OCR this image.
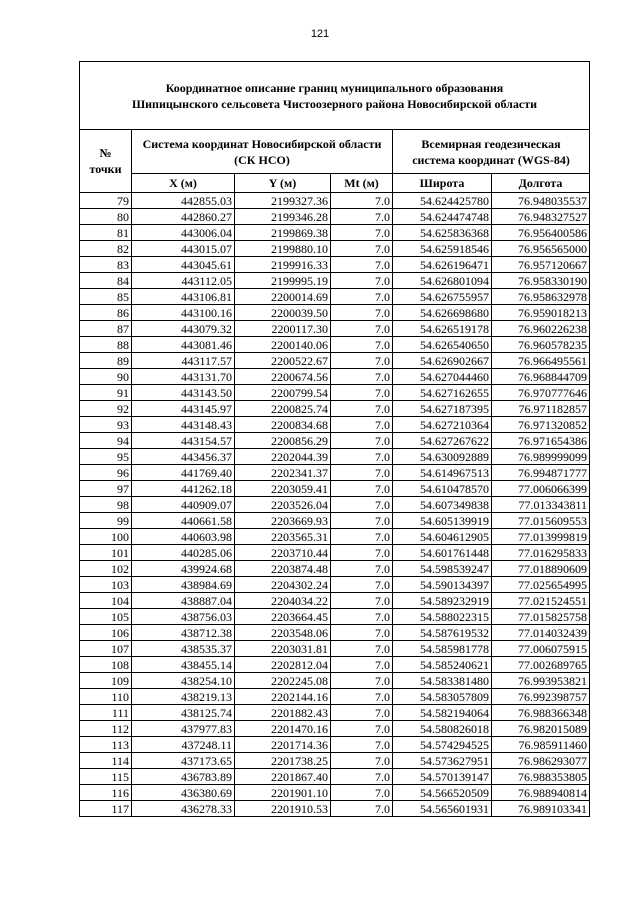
121
Координатное описание границ муниципального образования
Шипицынского сельсовета Чистоозерного района Новосибирской области					

№ точки	Система координат Новосибирской области (СК НСО)			Всемирная геодезическая система координат (WGS-84)	
	X (м)	Y (м)	Mt (м)	Широта	Долгота
79	442855.03	2199327.36	7.0	54.624425780	76.948035537
80	442860.27	2199346.28	7.0	54.624474748	76.948327527
81	443006.04	2199869.38	7.0	54.625836368	76.956400586
82	443015.07	2199880.10	7.0	54.625918546	76.956565000
83	443045.61	2199916.33	7.0	54.626196471	76.957120667
84	443112.05	2199995.19	7.0	54.626801094	76.958330190
85	443106.81	2200014.69	7.0	54.626755957	76.958632978
86	443100.16	2200039.50	7.0	54.626698680	76.959018213
87	443079.32	2200117.30	7.0	54.626519178	76.960226238
88	443081.46	2200140.06	7.0	54.626540650	76.960578235
89	443117.57	2200522.67	7.0	54.626902667	76.966495561
90	443131.70	2200674.56	7.0	54.627044460	76.968844709
91	443143.50	2200799.54	7.0	54.627162655	76.970777646
92	443145.97	2200825.74	7.0	54.627187395	76.971182857
93	443148.43	2200834.68	7.0	54.627210364	76.971320852
94	443154.57	2200856.29	7.0	54.627267622	76.971654386
95	443456.37	2202044.39	7.0	54.630092889	76.989999099
96	441769.40	2202341.37	7.0	54.614967513	76.994871777
97	441262.18	2203059.41	7.0	54.610478570	77.006066399
98	440909.07	2203526.04	7.0	54.607349838	77.013343811
99	440661.58	2203669.93	7.0	54.605139919	77.015609553
100	440603.98	2203565.31	7.0	54.604612905	77.013999819
101	440285.06	2203710.44	7.0	54.601761448	77.016295833
102	439924.68	2203874.48	7.0	54.598539247	77.018890609
103	438984.69	2204302.24	7.0	54.590134397	77.025654995
104	438887.04	2204034.22	7.0	54.589232919	77.021524551
105	438756.03	2203664.45	7.0	54.588022315	77.015825758
106	438712.38	2203548.06	7.0	54.587619532	77.014032439
107	438535.37	2203031.81	7.0	54.585981778	77.006075915
108	438455.14	2202812.04	7.0	54.585240621	77.002689765
109	438254.10	2202245.08	7.0	54.583381480	76.993953821
110	438219.13	2202144.16	7.0	54.583057809	76.992398757
111	438125.74	2201882.43	7.0	54.582194064	76.988366348
112	437977.83	2201470.16	7.0	54.580826018	76.982015089
113	437248.11	2201714.36	7.0	54.574294525	76.985911460
114	437173.65	2201738.25	7.0	54.573627951	76.986293077
115	436783.89	2201867.40	7.0	54.570139147	76.988353805
116	436380.69	2201901.10	7.0	54.566520509	76.988940814
117	436278.33	2201910.53	7.0	54.565601931	76.989103341
